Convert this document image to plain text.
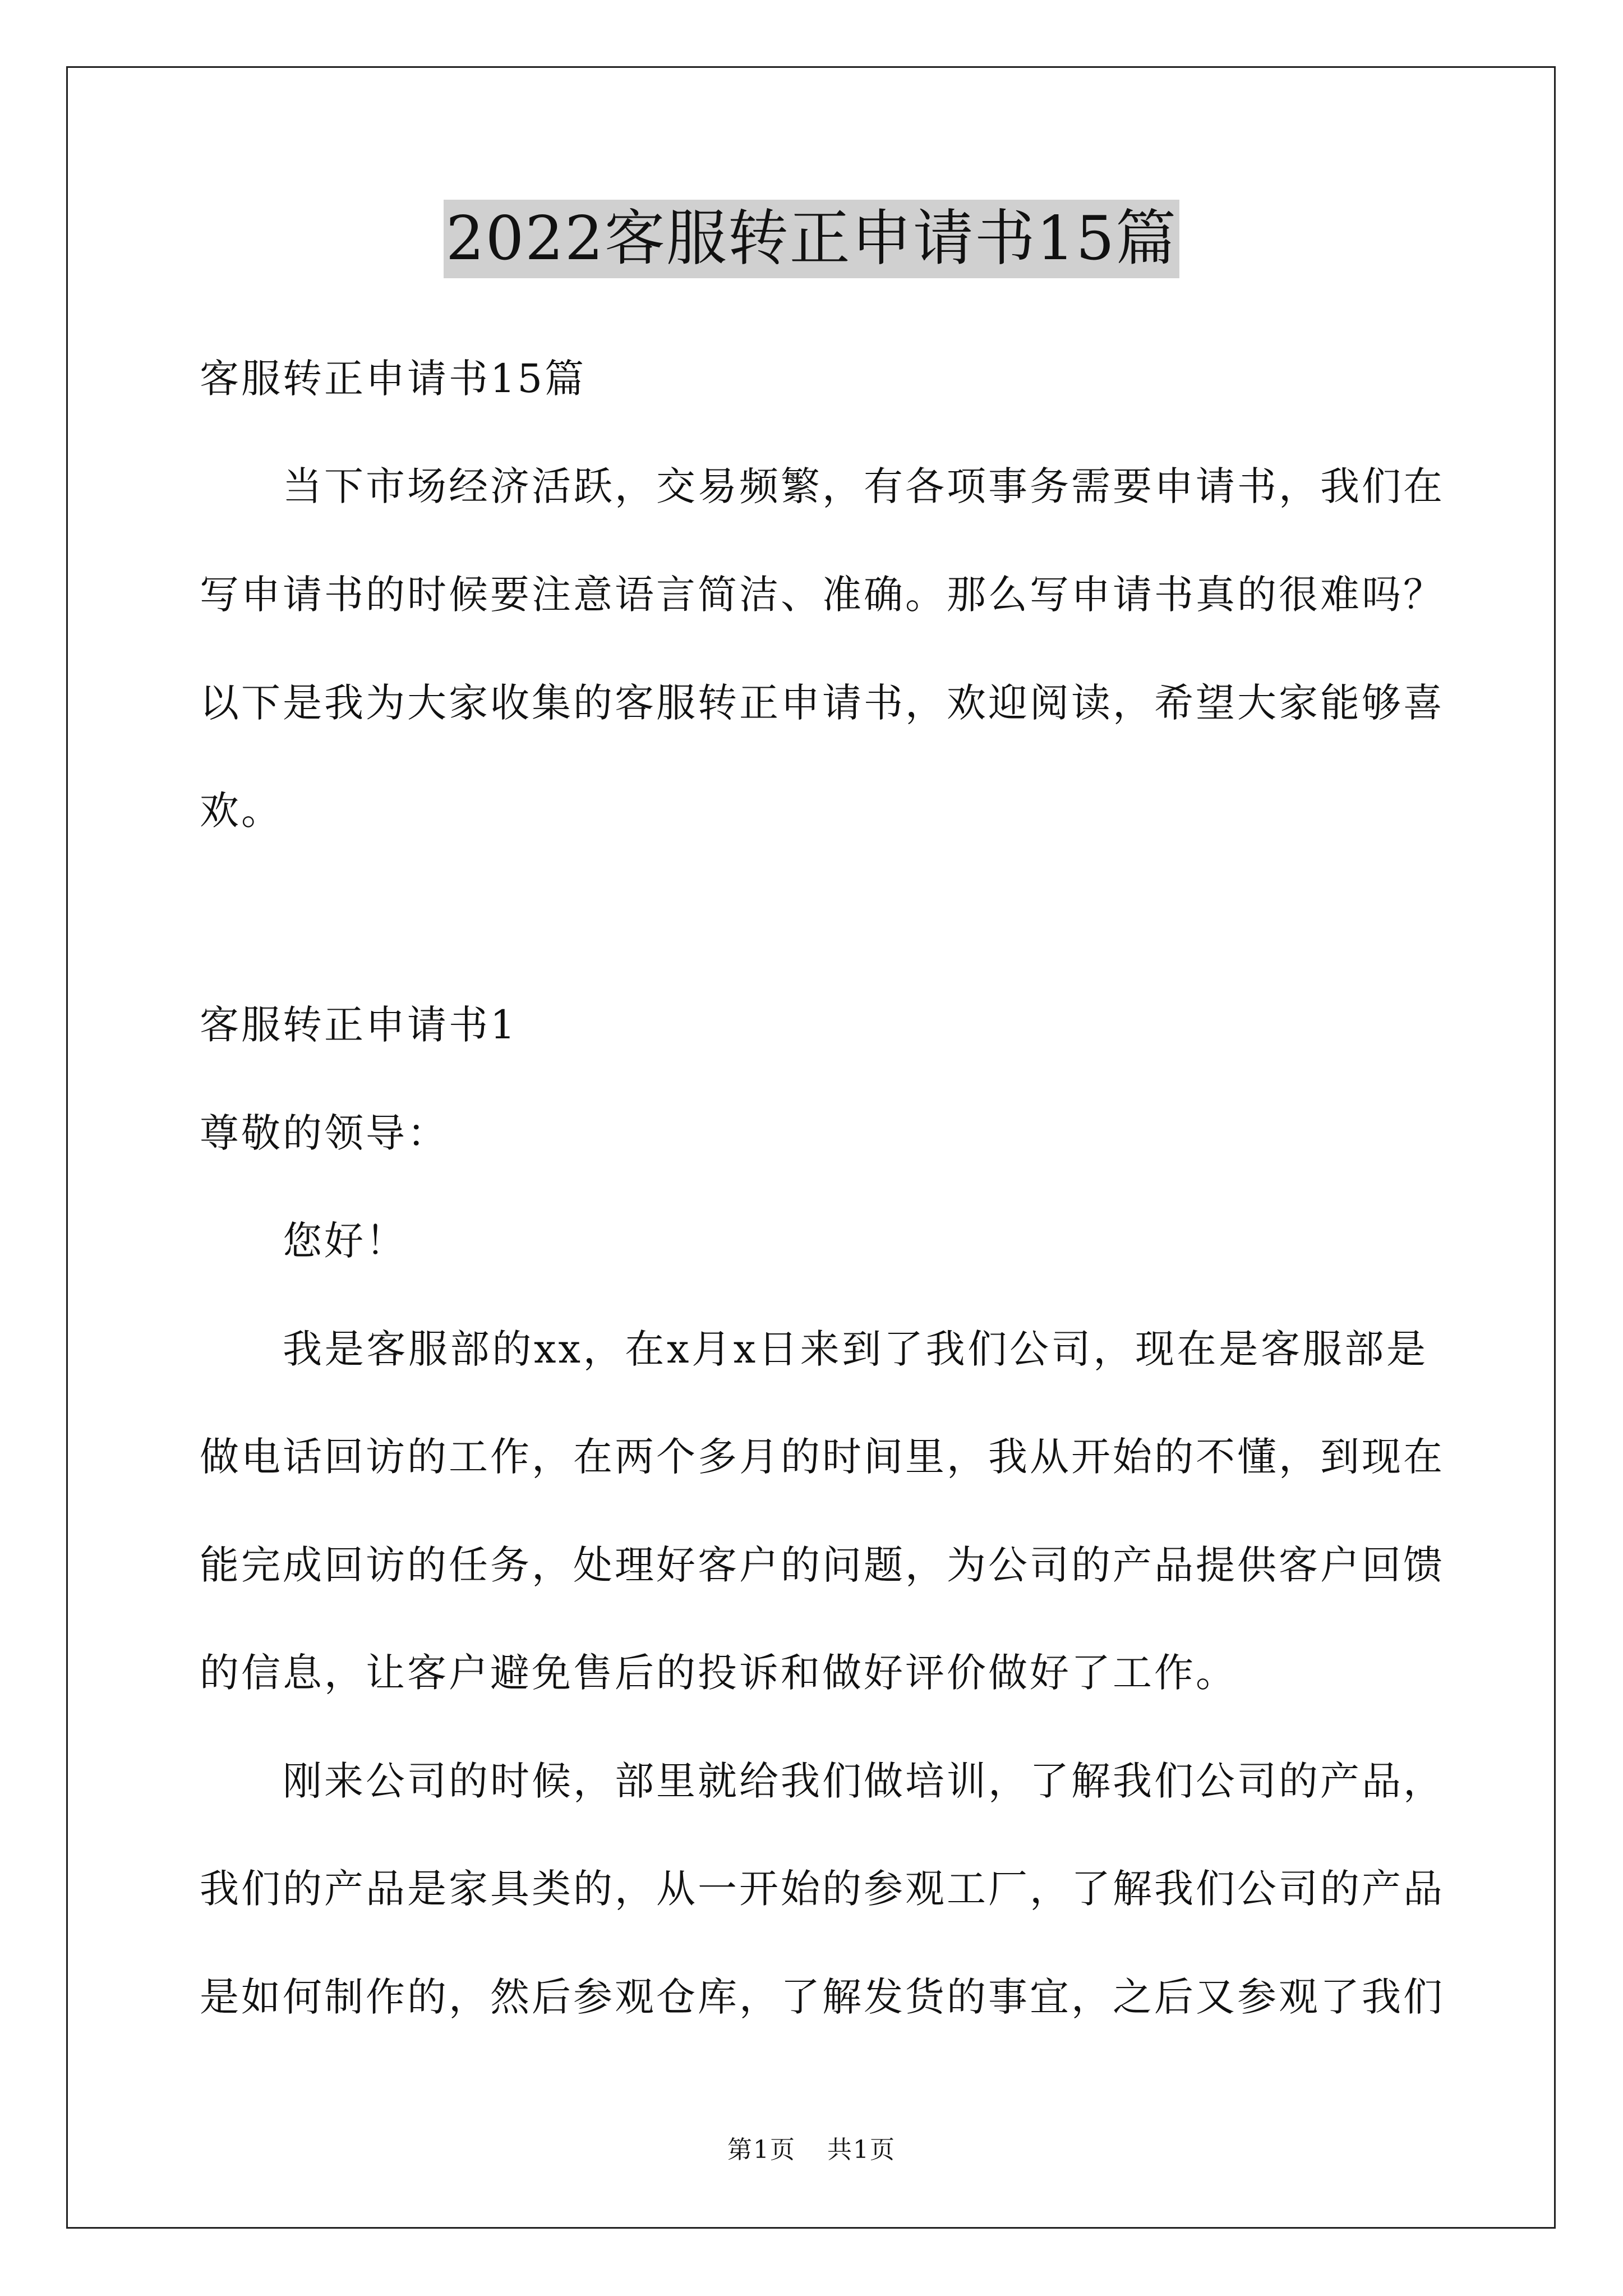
2022客服转正申请书15篇
客服转正申请书15篇
当下市场经济活跃，交易频繁，有各项事务需要申请书，我们在
写申请书的时候要注意语言简洁、准确。那么写申请书真的很难吗？
以下是我为大家收集的客服转正申请书，欢迎阅读，希望大家能够喜
欢。
客服转正申请书1
尊敬的领导：
您好！
我是客服部的xx，在x月x日来到了我们公司，现在是客服部是
做电话回访的工作，在两个多月的时间里，我从开始的不懂，到现在
能完成回访的任务，处理好客户的问题，为公司的产品提供客户回馈
的信息，让客户避免售后的投诉和做好评价做好了工作。
刚来公司的时候，部里就给我们做培训，了解我们公司的产品，
我们的产品是家具类的，从一开始的参观工厂，了解我们公司的产品
是如何制作的，然后参观仓库，了解发货的事宜，之后又参观了我们
第1页 共1页
